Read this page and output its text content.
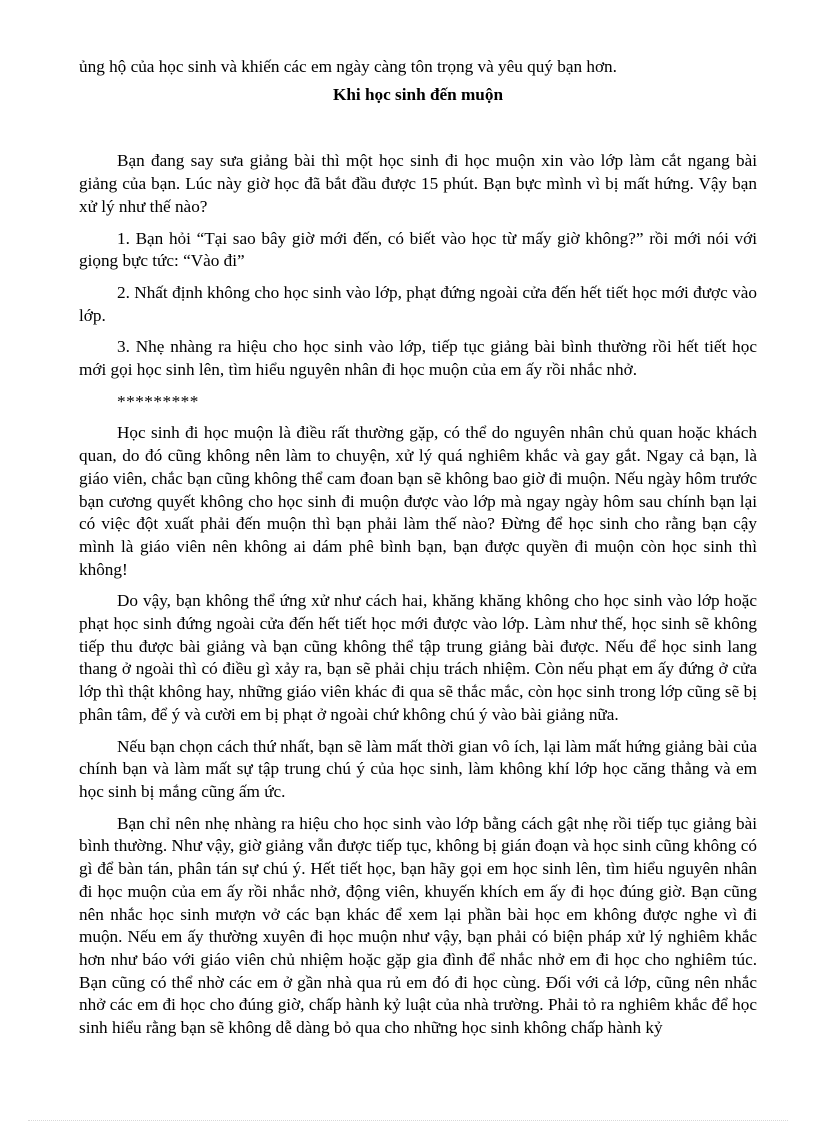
ủng hộ của học sinh và khiến các em ngày càng tôn trọng và yêu quý bạn hơn.

Khi học sinh đến muộn

Bạn đang say sưa giảng bài thì một học sinh đi học muộn xin vào lớp làm cắt ngang bài giảng của bạn. Lúc này giờ học đã bắt đầu được 15 phút. Bạn bực mình vì bị mất hứng. Vậy bạn xử lý như thế nào?

1. Bạn hỏi “Tại sao bây giờ mới đến, có biết vào học từ mấy giờ không?” rồi mới nói với giọng bực tức: “Vào đi”

2. Nhất định không cho học sinh vào lớp, phạt đứng ngoài cửa đến hết tiết học mới được vào lớp.

3. Nhẹ nhàng ra hiệu cho học sinh vào lớp, tiếp tục giảng bài bình thường rồi hết tiết học mới gọi học sinh lên, tìm hiểu nguyên nhân đi học muộn của em ấy rồi nhắc nhở.

*********

Học sinh đi học muộn là điều rất thường gặp, có thể do nguyên nhân chủ quan hoặc khách quan, do đó cũng không nên làm to chuyện, xử lý quá nghiêm khắc và gay gắt. Ngay cả bạn, là giáo viên, chắc bạn cũng không thể cam đoan bạn sẽ không bao giờ đi muộn. Nếu ngày hôm trước bạn cương quyết không cho học sinh đi muộn được vào lớp mà ngay ngày hôm sau chính bạn lại có việc đột xuất phải đến muộn thì bạn phải làm thế nào? Đừng để học sinh cho rằng bạn cậy mình là giáo viên nên không ai dám phê bình bạn, bạn được quyền đi muộn còn học sinh thì không!

Do vậy, bạn không thể ứng xử như cách hai, khăng khăng không cho học sinh vào lớp hoặc phạt học sinh đứng ngoài cửa đến hết tiết học mới được vào lớp. Làm như thế, học sinh sẽ không tiếp thu được bài giảng và bạn cũng không thể tập trung giảng bài được. Nếu để học sinh lang thang ở ngoài thì có điều gì xảy ra, bạn sẽ phải chịu trách nhiệm. Còn nếu phạt em ấy đứng ở cửa lớp thì thật không hay, những giáo viên khác đi qua sẽ thắc mắc, còn học sinh trong lớp cũng sẽ bị phân tâm, để ý và cười em bị phạt ở ngoài chứ không chú ý vào bài giảng nữa.

Nếu bạn chọn cách thứ nhất, bạn sẽ làm mất thời gian vô ích, lại làm mất hứng giảng bài của chính bạn và làm mất sự tập trung chú ý của học sinh, làm không khí lớp học căng thẳng và em học sinh bị mắng cũng ấm ức.

Bạn chỉ nên nhẹ nhàng ra hiệu cho học sinh vào lớp bằng cách gật nhẹ rồi tiếp tục giảng bài bình thường. Như vậy, giờ giảng vẫn được tiếp tục, không bị gián đoạn và học sinh cũng không có gì để bàn tán, phân tán sự chú ý. Hết tiết học, bạn hãy gọi em học sinh lên, tìm hiểu nguyên nhân đi học muộn của em ấy rồi nhắc nhở, động viên, khuyến khích em ấy đi học đúng giờ. Bạn cũng nên nhắc học sinh mượn vở các bạn khác để xem lại phần bài học em không được nghe vì đi muộn. Nếu em ấy thường xuyên đi học muộn như vậy, bạn phải có biện pháp xử lý nghiêm khắc hơn như báo với giáo viên chủ nhiệm hoặc gặp gia đình để nhắc nhở em đi học cho nghiêm túc. Bạn cũng có thể nhờ các em ở gần nhà qua rủ em đó đi học cùng. Đối với cả lớp, cũng nên nhắc nhở các em đi học cho đúng giờ, chấp hành kỷ luật của nhà trường. Phải tỏ ra nghiêm khắc để học sinh hiểu rằng bạn sẽ không dễ dàng bỏ qua cho những học sinh không chấp hành kỷ
